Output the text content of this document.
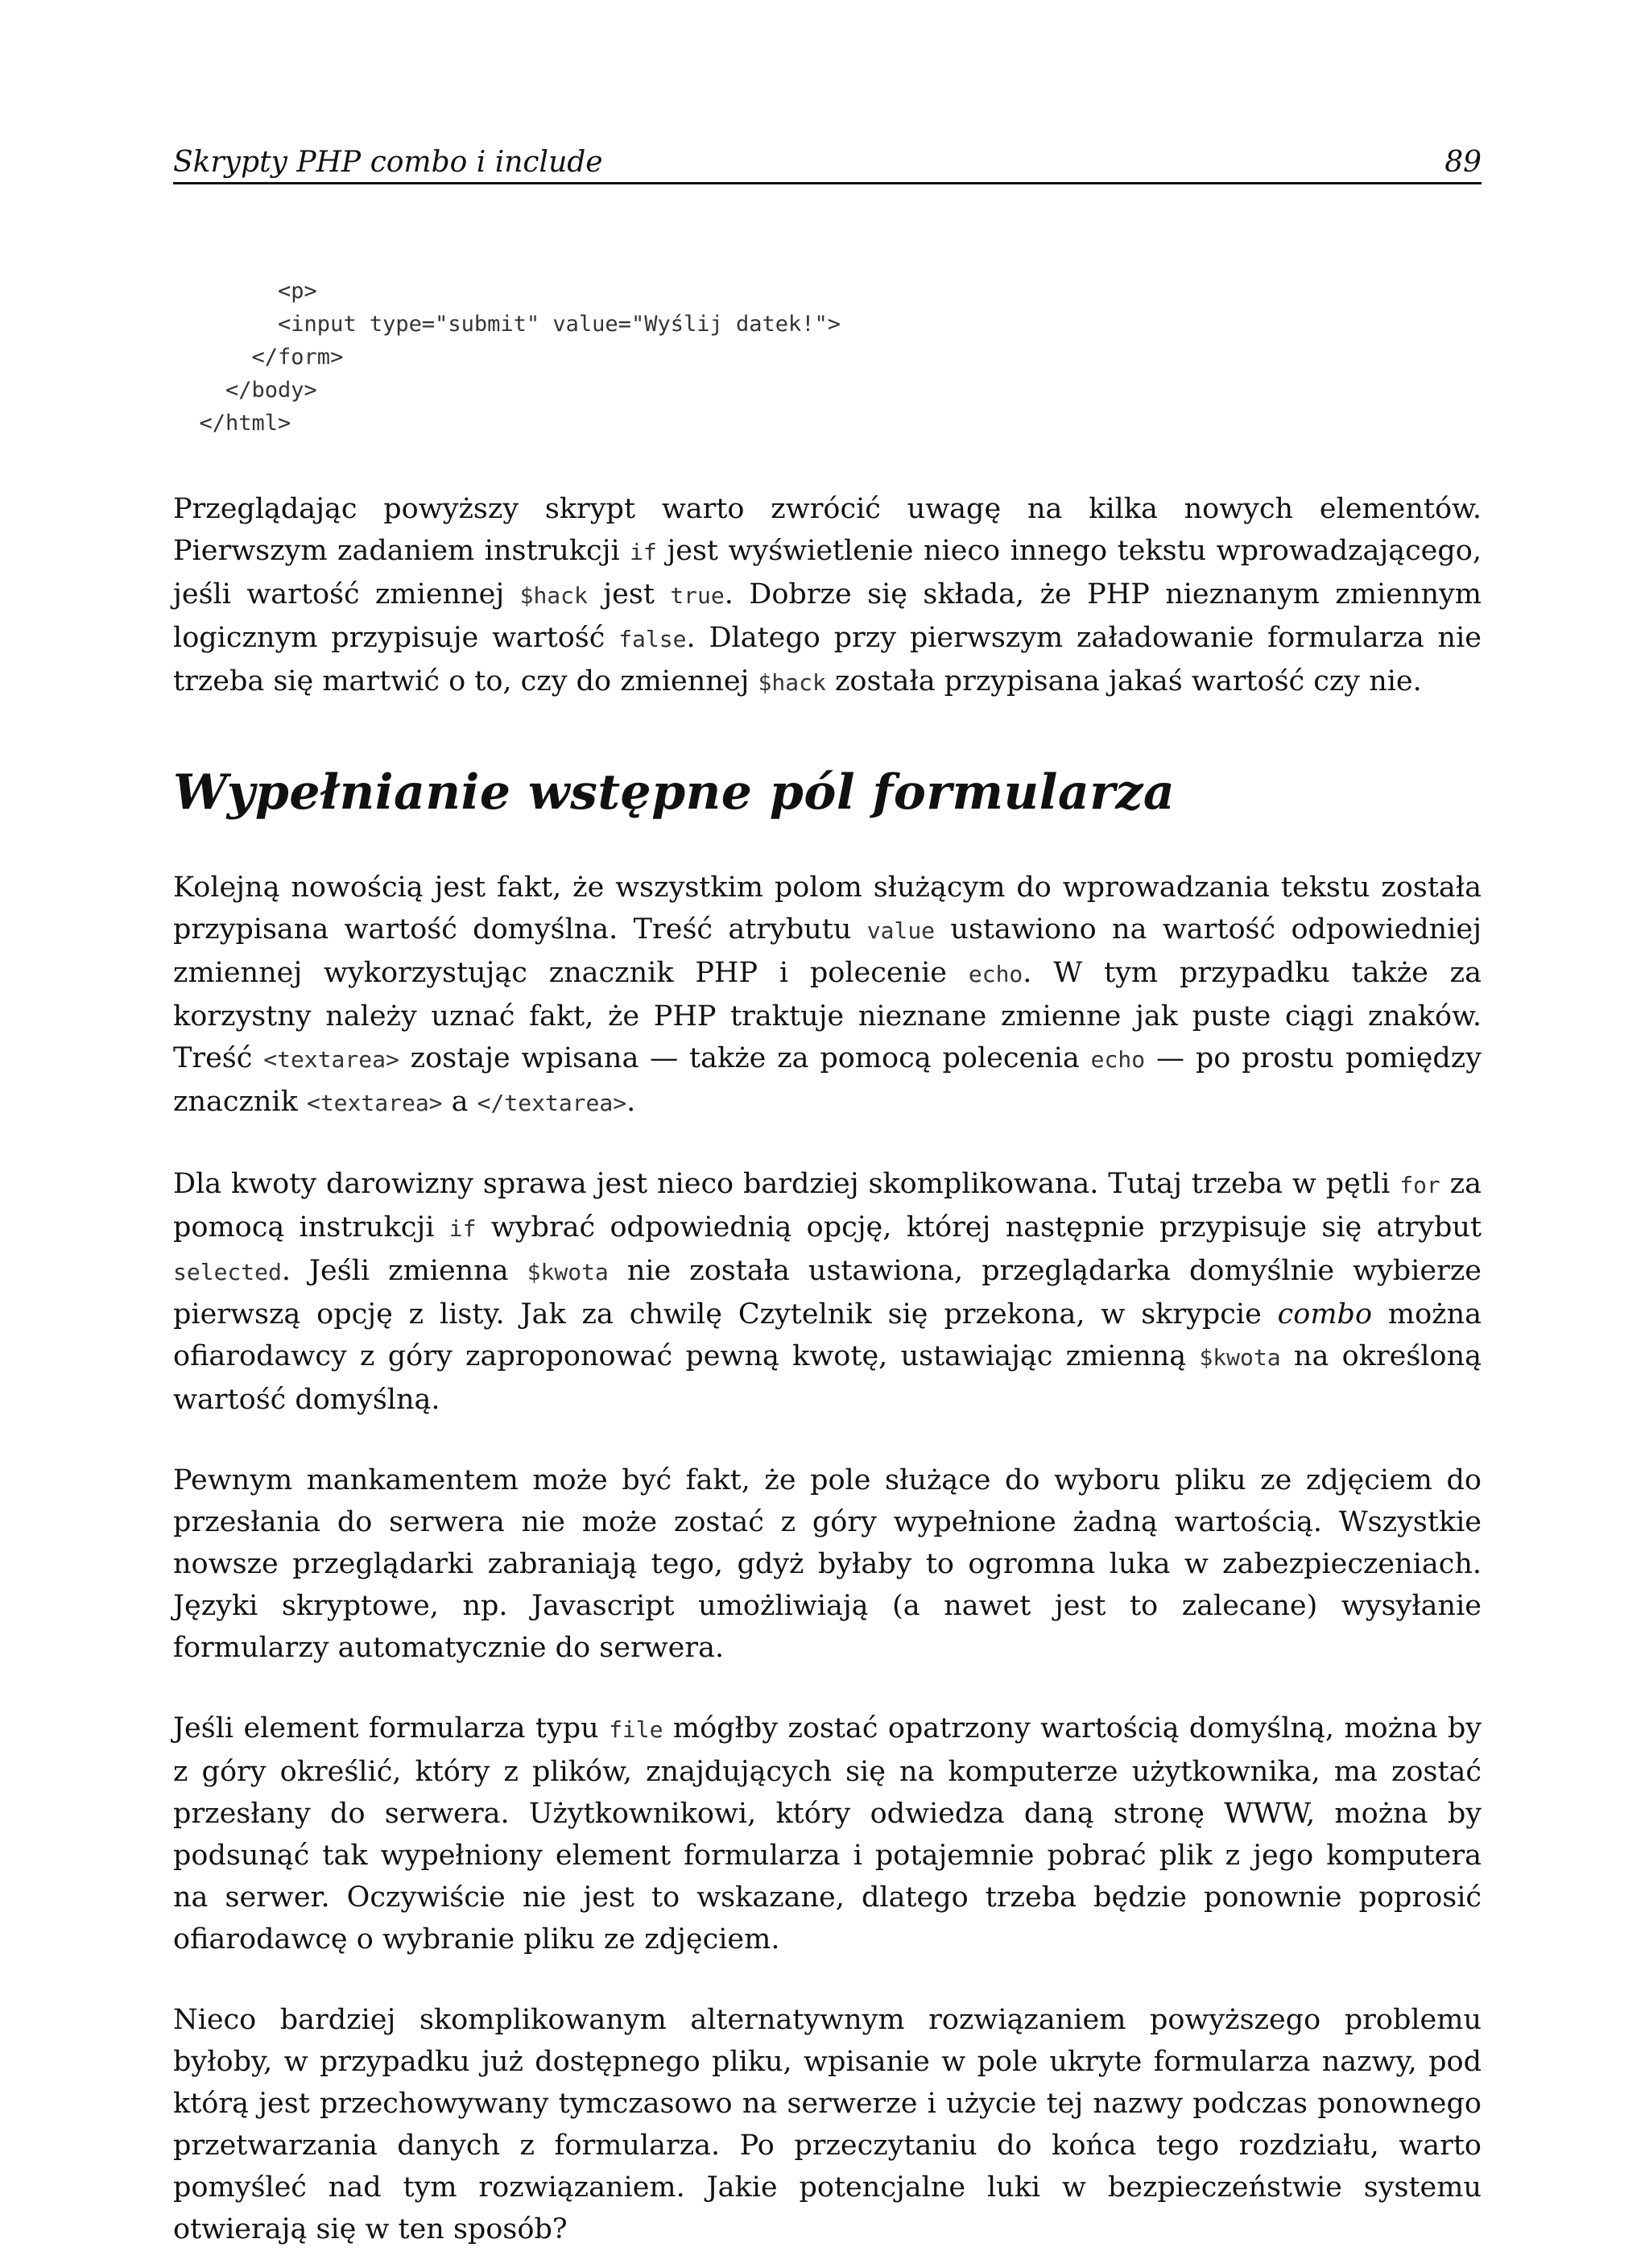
Skrypty PHP combo i include	89
<p>
<input type="submit" value="Wyślij datek!">
</form>
</body>
</html>

Przeglądając powyższy skrypt warto zwrócić uwagę na kilka nowych elementów. Pierwszym zadaniem instrukcji if jest wyświetlenie nieco innego tekstu wprowadzającego, jeśli wartość zmiennej $hack jest true. Dobrze się składa, że PHP nieznanym zmiennym logicznym przypisuje wartość false. Dlatego przy pierwszym załadowanie formularza nie trzeba się martwić o to, czy do zmiennej $hack została przypisana jakaś wartość czy nie.

Wypełnianie wstępne pól formularza

Kolejną nowością jest fakt, że wszystkim polom służącym do wprowadzania tekstu została przypisana wartość domyślna. Treść atrybutu value ustawiono na wartość odpowiedniej zmiennej wykorzystując znacznik PHP i polecenie echo. W tym przypadku także za korzystny należy uznać fakt, że PHP traktuje nieznane zmienne jak puste ciągi znaków. Treść <textarea> zostaje wpisana — także za pomocą polecenia echo — po prostu pomiędzy znacznik <textarea> a </textarea>.

Dla kwoty darowizny sprawa jest nieco bardziej skomplikowana. Tutaj trzeba w pętli for za pomocą instrukcji if wybrać odpowiednią opcję, której następnie przypisuje się atrybut selected. Jeśli zmienna $kwota nie została ustawiona, przeglądarka domyślnie wybierze pierwszą opcję z listy. Jak za chwilę Czytelnik się przekona, w skrypcie combo można ofiarodawcy z góry zaproponować pewną kwotę, ustawiając zmienną $kwota na określoną wartość domyślną.

Pewnym mankamentem może być fakt, że pole służące do wyboru pliku ze zdjęciem do przesłania do serwera nie może zostać z góry wypełnione żadną wartością. Wszystkie nowsze przeglądarki zabraniają tego, gdyż byłaby to ogromna luka w zabezpieczeniach. Języki skryptowe, np. Javascript umożliwiają (a nawet jest to zalecane) wysyłanie formularzy automatycznie do serwera.

Jeśli element formularza typu file mógłby zostać opatrzony wartością domyślną, można by z góry określić, który z plików, znajdujących się na komputerze użytkownika, ma zostać przesłany do serwera. Użytkownikowi, który odwiedza daną stronę WWW, można by podsunąć tak wypełniony element formularza i potajemnie pobrać plik z jego komputera na serwer. Oczywiście nie jest to wskazane, dlatego trzeba będzie ponownie poprosić ofiarodawcę o wybranie pliku ze zdjęciem.

Nieco bardziej skomplikowanym alternatywnym rozwiązaniem powyższego problemu byłoby, w przypadku już dostępnego pliku, wpisanie w pole ukryte formularza nazwy, pod którą jest przechowywany tymczasowo na serwerze i użycie tej nazwy podczas ponownego przetwarzania danych z formularza. Po przeczytaniu do końca tego rozdziału, warto pomyśleć nad tym rozwiązaniem. Jakie potencjalne luki w bezpieczeństwie systemu otwierają się w ten sposób?
